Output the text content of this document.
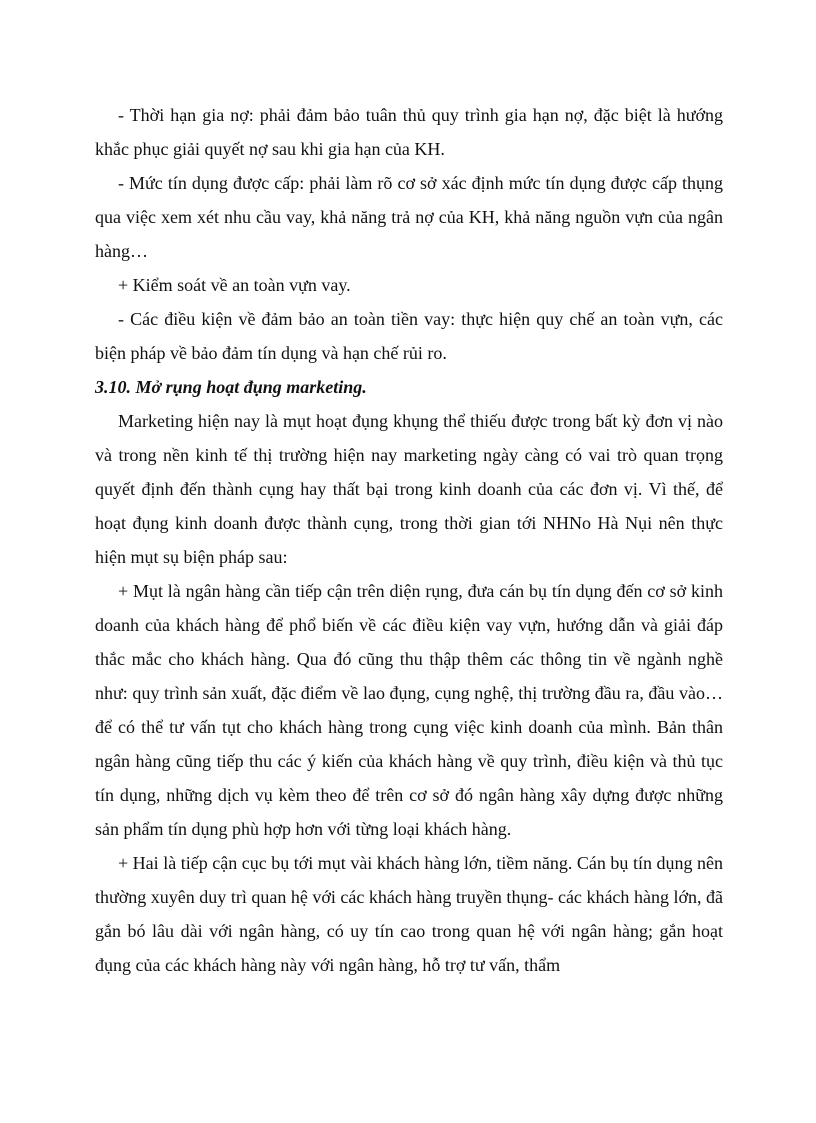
- Thời hạn gia nợ: phải đảm bảo tuân thủ quy trình gia hạn nợ, đặc biệt là hướng khắc phục giải quyết nợ sau khi gia hạn của KH.

- Mức tín dụng được cấp: phải làm rõ cơ sở xác định mức tín dụng được cấp thụng qua việc xem xét nhu cầu vay, khả năng trả nợ của KH, khả năng nguồn vựn của ngân hàng…

+ Kiểm soát về an toàn vựn vay.

- Các điều kiện về đảm bảo an toàn tiền vay: thực hiện quy chế an toàn vựn, các biện pháp về bảo đảm tín dụng và hạn chế rủi ro.

3.10. Mở rụng hoạt đụng marketing.

Marketing hiện nay là mụt hoạt đụng khụng thể thiếu được trong bất kỳ đơn vị nào và trong nền kinh tế thị trường hiện nay marketing ngày càng có vai trò quan trọng quyết định đến thành cụng hay thất bại trong kinh doanh của các đơn vị. Vì thế, để hoạt đụng kinh doanh được thành cụng, trong thời gian tới NHNo Hà Nụi nên thực hiện mụt sụ biện pháp sau:

+ Mụt là ngân hàng cần tiếp cận trên diện rụng, đưa cán bụ tín dụng đến cơ sở kinh doanh của khách hàng để phổ biến về các điều kiện vay vựn, hướng dẫn và giải đáp thắc mắc cho khách hàng. Qua đó cũng thu thập thêm các thông tin về ngành nghề như: quy trình sản xuất, đặc điểm về lao đụng, cụng nghệ, thị trường đầu ra, đầu vào…để có thể tư vấn tụt cho khách hàng trong cụng việc kinh doanh của mình. Bản thân ngân hàng cũng tiếp thu các ý kiến của khách hàng về quy trình, điều kiện và thủ tục tín dụng, những dịch vụ kèm theo để trên cơ sở đó ngân hàng xây dựng được những sản phẩm tín dụng phù hợp hơn với từng loại khách hàng.

+ Hai là tiếp cận cục bụ tới mụt vài khách hàng lớn, tiềm năng. Cán bụ tín dụng nên thường xuyên duy trì quan hệ với các khách hàng truyền thụng- các khách hàng lớn, đã gắn bó lâu dài với ngân hàng, có uy tín cao trong quan hệ với ngân hàng; gắn hoạt đụng của các khách hàng này với ngân hàng, hỗ trợ tư vấn, thẩm
